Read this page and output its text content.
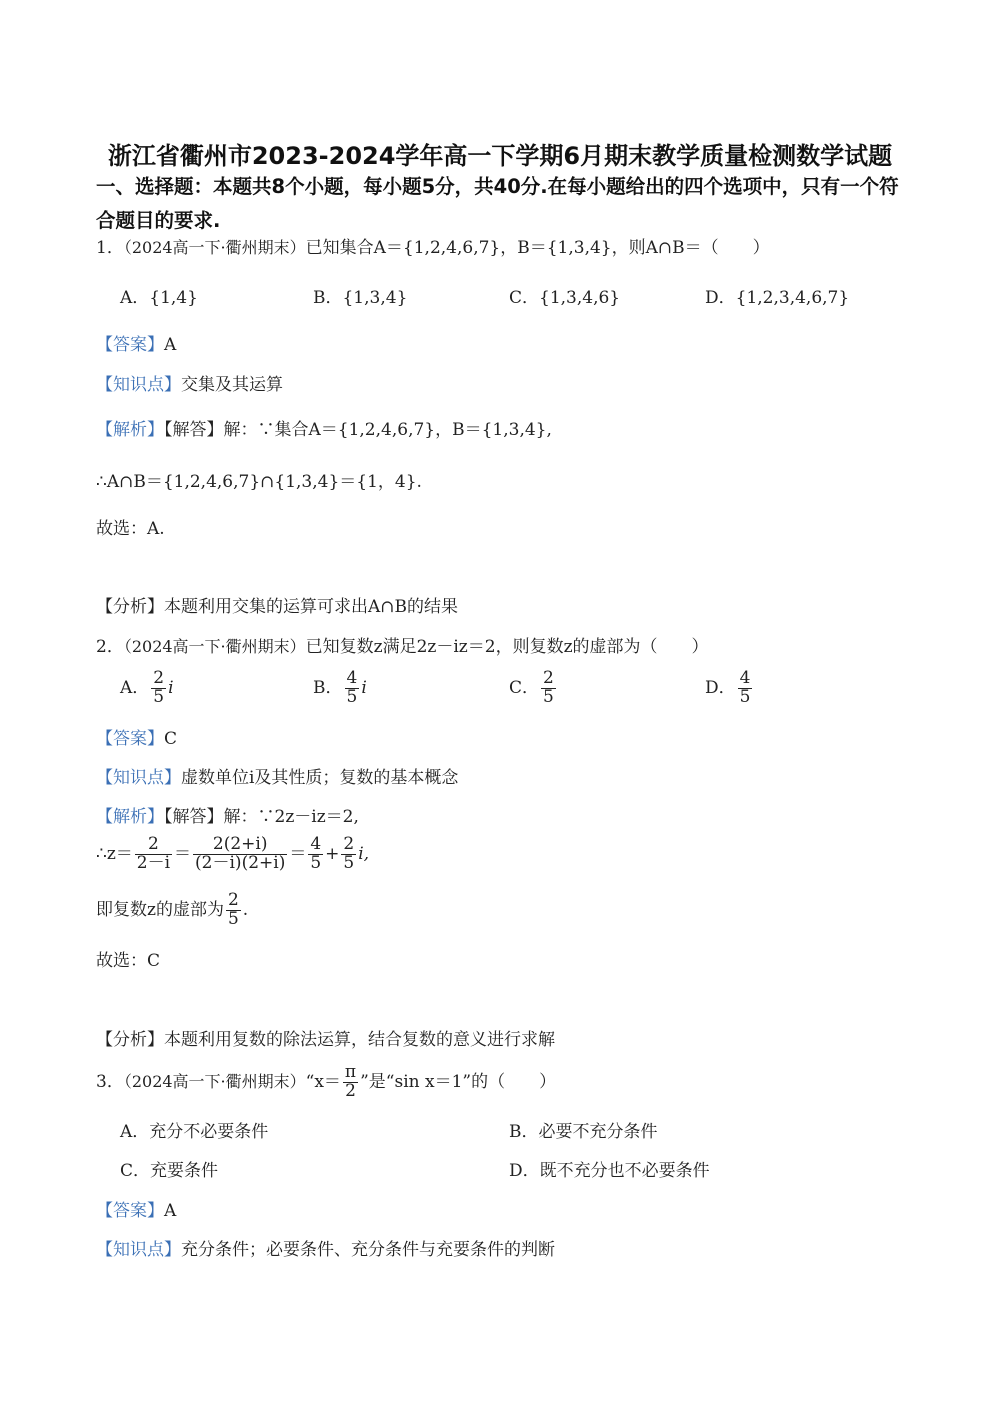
浙江省衢州市2023-2024学年高一下学期6月期末教学质量检测数学试题
一、选择题：本题共8个小题，每小题5分，共40分.在每小题给出的四个选项中，只有一个符合题目的要求.
1．（2024高一下·衢州期末）已知集合A＝{1,2,4,6,7}，B＝{1,3,4}，则A∩B＝（　　）
A．{1,4}	B．{1,3,4}	C．{1,3,4,6}	D．{1,2,3,4,6,7}
【答案】A
【知识点】交集及其运算
【解析】【解答】解：∵集合A＝{1,2,4,6,7}，B＝{1,3,4},
∴A∩B＝{1,2,4,6,7}∩{1,3,4}＝{1，4}.
故选：A.
【分析】本题利用交集的运算可求出A∩B的结果
2．（2024高一下·衢州期末）已知复数z满足2z－iz＝2，则复数z的虚部为（　　）
A． $\frac{2}{5}$ i	B． $\frac{4}{5}$ i	C． $\frac{2}{5}$	D． $\frac{4}{5}$
【答案】C
【知识点】虚数单位i及其性质；复数的基本概念
【解析】【解答】解：∵2z－iz＝2,
∴z＝ $\frac{2}{2-i} = \frac{2(2+i)}{(2-i)(2+i)} = \frac{4}{5} + \frac{2}{5} i$,
即复数z的虚部为 $\frac{2}{5}$ .
故选：C
【分析】本题利用复数的除法运算，结合复数的意义进行求解
3．（2024高一下·衢州期末）“x＝ $\frac{\pi}{2}$ ”是“sin x＝1”的（　　）
A．充分不必要条件	B．必要不充分条件
C．充要条件	D．既不充分也不必要条件
【答案】A
【知识点】充分条件；必要条件、充分条件与充要条件的判断
